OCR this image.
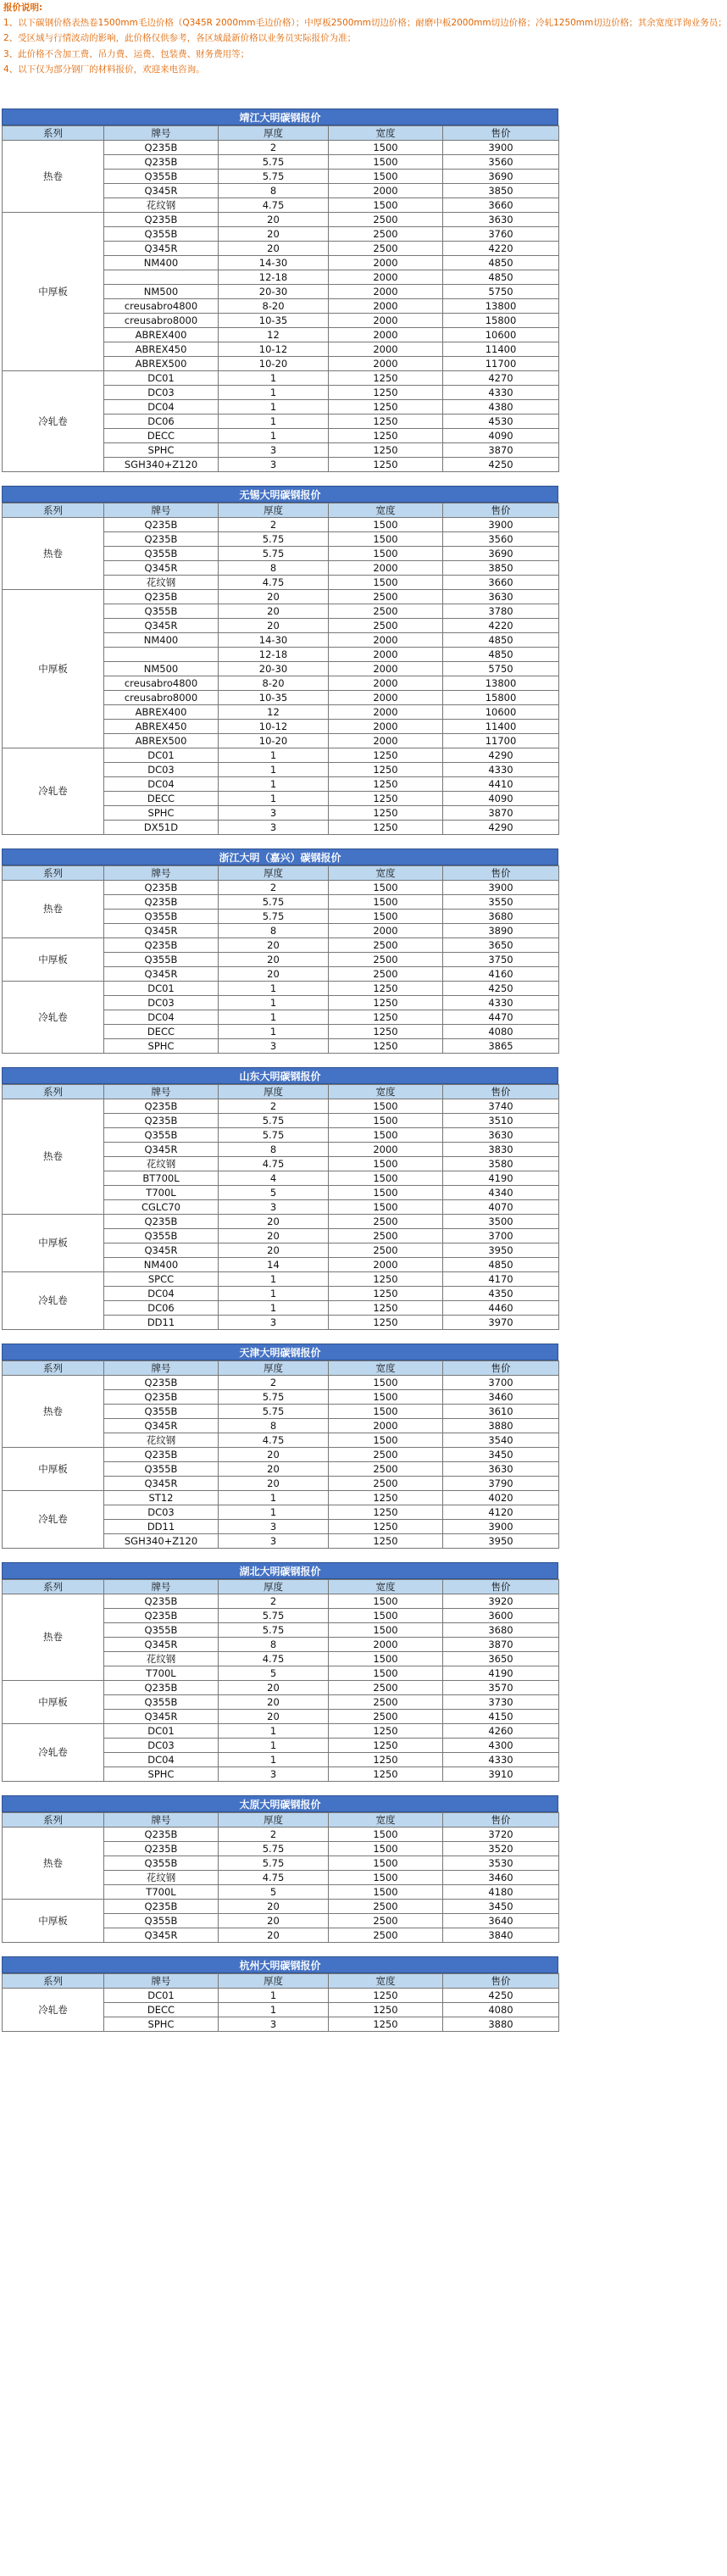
报价说明:
1、以下碳钢价格表热卷1500mm毛边价格（Q345R 2000mm毛边价格）；中厚板2500mm切边价格；耐磨中板2000mm切边价格；冷轧1250mm切边价格；其余宽度详询业务员；
2、受区域与行情波动的影响，此价格仅供参考，各区域最新价格以业务员实际报价为准；
3、此价格不含加工费、吊力费、运费、包装费、财务费用等；
4、以下仅为部分钢厂的材料报价，欢迎来电咨询。
靖江大明碳钢报价
系列	牌号	厚度	宽度	售价
热卷	Q235B	2	1500	3900
	Q235B	5.75	1500	3560
	Q355B	5.75	1500	3690
	Q345R	8	2000	3850
	花纹钢	4.75	1500	3660
中厚板	Q235B	20	2500	3630
	Q355B	20	2500	3760
	Q345R	20	2500	4220
	NM400	14-30	2000	4850
		12-18	2000	4850
	NM500	20-30	2000	5750
	creusabro4800	8-20	2000	13800
	creusabro8000	10-35	2000	15800
	ABREX400	12	2000	10600
	ABREX450	10-12	2000	11400
	ABREX500	10-20	2000	11700
冷轧卷	DC01	1	1250	4270
	DC03	1	1250	4330
	DC04	1	1250	4380
	DC06	1	1250	4530
	DECC	1	1250	4090
	SPHC	3	1250	3870
	SGH340+Z120	3	1250	4250
无锡大明碳钢报价
系列	牌号	厚度	宽度	售价
热卷	Q235B	2	1500	3900
	Q235B	5.75	1500	3560
	Q355B	5.75	1500	3690
	Q345R	8	2000	3850
	花纹钢	4.75	1500	3660
中厚板	Q235B	20	2500	3630
	Q355B	20	2500	3780
	Q345R	20	2500	4220
	NM400	14-30	2000	4850
		12-18	2000	4850
	NM500	20-30	2000	5750
	creusabro4800	8-20	2000	13800
	creusabro8000	10-35	2000	15800
	ABREX400	12	2000	10600
	ABREX450	10-12	2000	11400
	ABREX500	10-20	2000	11700
冷轧卷	DC01	1	1250	4290
	DC03	1	1250	4330
	DC04	1	1250	4410
	DECC	1	1250	4090
	SPHC	3	1250	3870
	DX51D	3	1250	4290
浙江大明（嘉兴）碳钢报价
系列	牌号	厚度	宽度	售价
热卷	Q235B	2	1500	3900
	Q235B	5.75	1500	3550
	Q355B	5.75	1500	3680
	Q345R	8	2000	3890
中厚板	Q235B	20	2500	3650
	Q355B	20	2500	3750
	Q345R	20	2500	4160
冷轧卷	DC01	1	1250	4250
	DC03	1	1250	4330
	DC04	1	1250	4470
	DECC	1	1250	4080
	SPHC	3	1250	3865
山东大明碳钢报价
系列	牌号	厚度	宽度	售价
热卷	Q235B	2	1500	3740
	Q235B	5.75	1500	3510
	Q355B	5.75	1500	3630
	Q345R	8	2000	3830
	花纹钢	4.75	1500	3580
	BT700L	4	1500	4190
	T700L	5	1500	4340
	CGLC70	3	1500	4070
中厚板	Q235B	20	2500	3500
	Q355B	20	2500	3700
	Q345R	20	2500	3950
	NM400	14	2000	4850
冷轧卷	SPCC	1	1250	4170
	DC04	1	1250	4350
	DC06	1	1250	4460
	DD11	3	1250	3970
天津大明碳钢报价
系列	牌号	厚度	宽度	售价
热卷	Q235B	2	1500	3700
	Q235B	5.75	1500	3460
	Q355B	5.75	1500	3610
	Q345R	8	2000	3880
	花纹钢	4.75	1500	3540
中厚板	Q235B	20	2500	3450
	Q355B	20	2500	3630
	Q345R	20	2500	3790
冷轧卷	ST12	1	1250	4020
	DC03	1	1250	4120
	DD11	3	1250	3900
	SGH340+Z120	3	1250	3950
湖北大明碳钢报价
系列	牌号	厚度	宽度	售价
热卷	Q235B	2	1500	3920
	Q235B	5.75	1500	3600
	Q355B	5.75	1500	3680
	Q345R	8	2000	3870
	花纹钢	4.75	1500	3650
	T700L	5	1500	4190
中厚板	Q235B	20	2500	3570
	Q355B	20	2500	3730
	Q345R	20	2500	4150
冷轧卷	DC01	1	1250	4260
	DC03	1	1250	4300
	DC04	1	1250	4330
	SPHC	3	1250	3910
太原大明碳钢报价
系列	牌号	厚度	宽度	售价
热卷	Q235B	2	1500	3720
	Q235B	5.75	1500	3520
	Q355B	5.75	1500	3530
	花纹钢	4.75	1500	3460
	T700L	5	1500	4180
中厚板	Q235B	20	2500	3450
	Q355B	20	2500	3640
	Q345R	20	2500	3840
杭州大明碳钢报价
系列	牌号	厚度	宽度	售价
冷轧卷	DC01	1	1250	4250
	DECC	1	1250	4080
	SPHC	3	1250	3880
